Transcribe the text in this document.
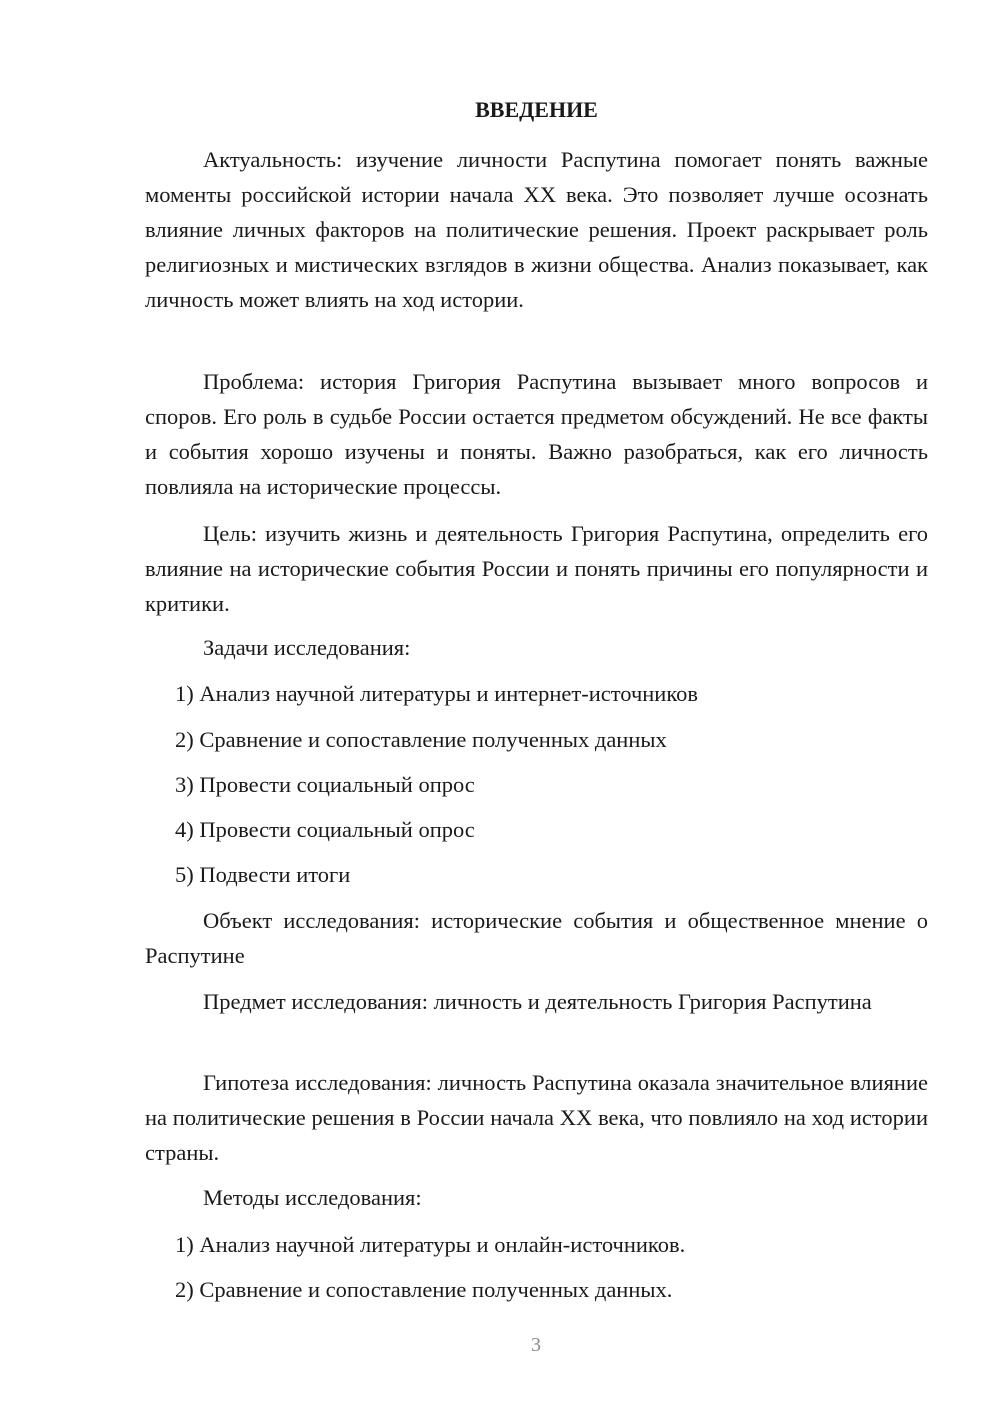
ВВЕДЕНИЕ

Актуальность: изучение личности Распутина помогает понять важные моменты российской истории начала XX века. Это позволяет лучше осознать влияние личных факторов на политические решения. Проект раскрывает роль религиозных и мистических взглядов в жизни общества. Анализ показывает, как личность может влиять на ход истории.

Проблема: история Григория Распутина вызывает много вопросов и споров. Его роль в судьбе России остается предметом обсуждений. Не все факты и события хорошо изучены и поняты. Важно разобраться, как его личность повлияла на исторические процессы.

Цель: изучить жизнь и деятельность Григория Распутина, определить его влияние на исторические события России и понять причины его популярности и критики.

Задачи исследования:

1) Анализ научной литературы и интернет-источников

2) Сравнение и сопоставление полученных данных

3) Провести социальный опрос

4) Провести социальный опрос

5) Подвести итоги

Объект исследования: исторические события и общественное мнение о Распутине

Предмет исследования: личность и деятельность Григория Распутина

Гипотеза исследования: личность Распутина оказала значительное влияние на политические решения в России начала XX века, что повлияло на ход истории страны.

Методы исследования:

1) Анализ научной литературы и онлайн-источников.

2) Сравнение и сопоставление полученных данных.

3
